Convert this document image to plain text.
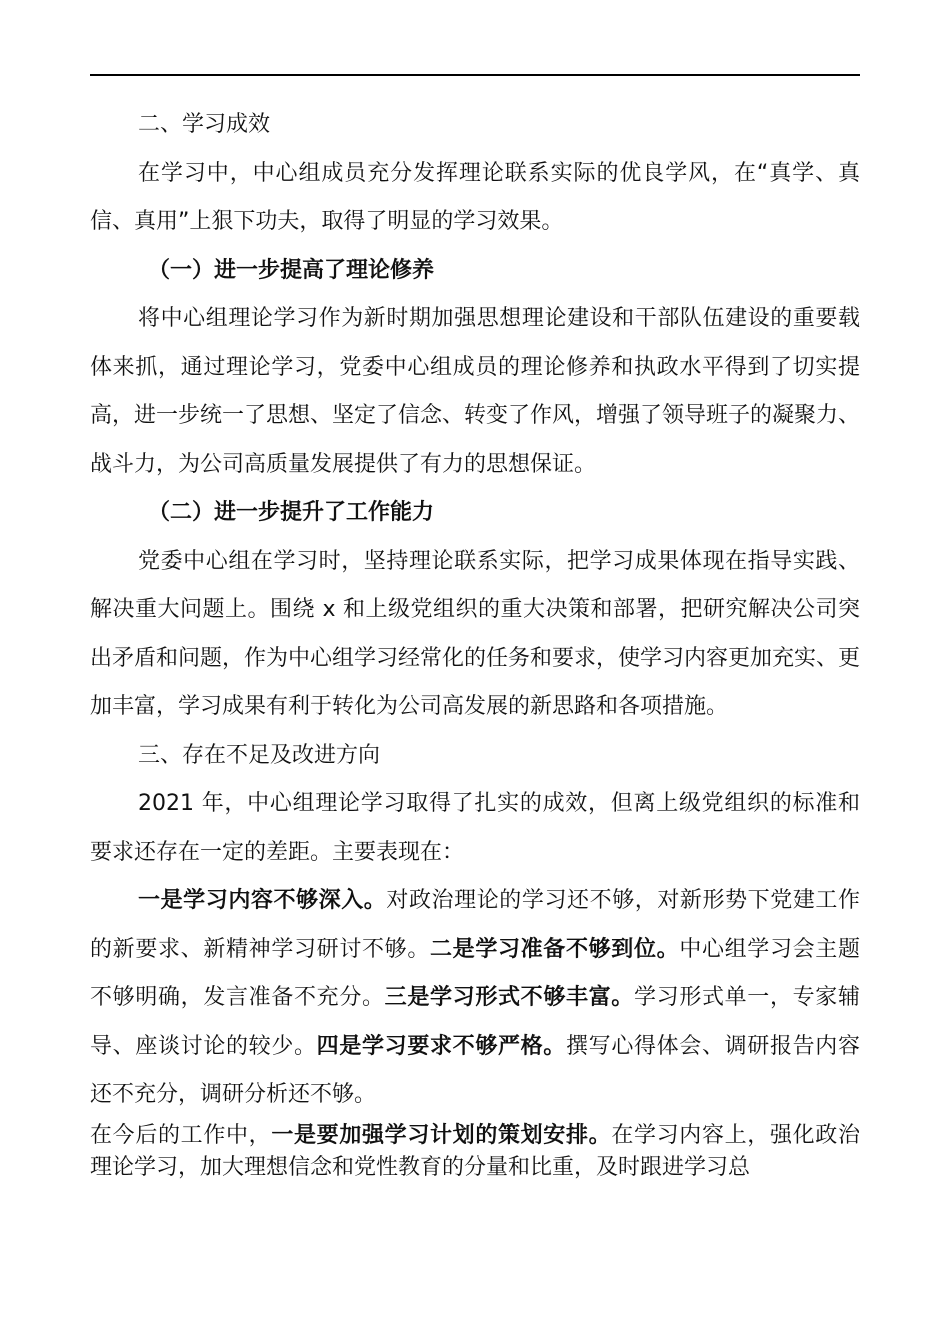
二、学习成效

在学习中，中心组成员充分发挥理论联系实际的优良学风，在“真学、真信、真用”上狠下功夫，取得了明显的学习效果。

（一）进一步提高了理论修养

将中心组理论学习作为新时期加强思想理论建设和干部队伍建设的重要载体来抓，通过理论学习，党委中心组成员的理论修养和执政水平得到了切实提高，进一步统一了思想、坚定了信念、转变了作风，增强了领导班子的凝聚力、战斗力，为公司高质量发展提供了有力的思想保证。

（二）进一步提升了工作能力

党委中心组在学习时，坚持理论联系实际，把学习成果体现在指导实践、解决重大问题上。围绕 x 和上级党组织的重大决策和部署，把研究解决公司突出矛盾和问题，作为中心组学习经常化的任务和要求，使学习内容更加充实、更加丰富，学习成果有利于转化为公司高发展的新思路和各项措施。

三、存在不足及改进方向

2021 年，中心组理论学习取得了扎实的成效，但离上级党组织的标准和要求还存在一定的差距。主要表现在：

一是学习内容不够深入。对政治理论的学习还不够，对新形势下党建工作的新要求、新精神学习研讨不够。二是学习准备不够到位。中心组学习会主题不够明确，发言准备不充分。三是学习形式不够丰富。学习形式单一，专家辅导、座谈讨论的较少。四是学习要求不够严格。撰写心得体会、调研报告内容还不充分，调研分析还不够。

在今后的工作中，一是要加强学习计划的策划安排。在学习内容上，强化政治理论学习，加大理想信念和党性教育的分量和比重，及时跟进学习总
